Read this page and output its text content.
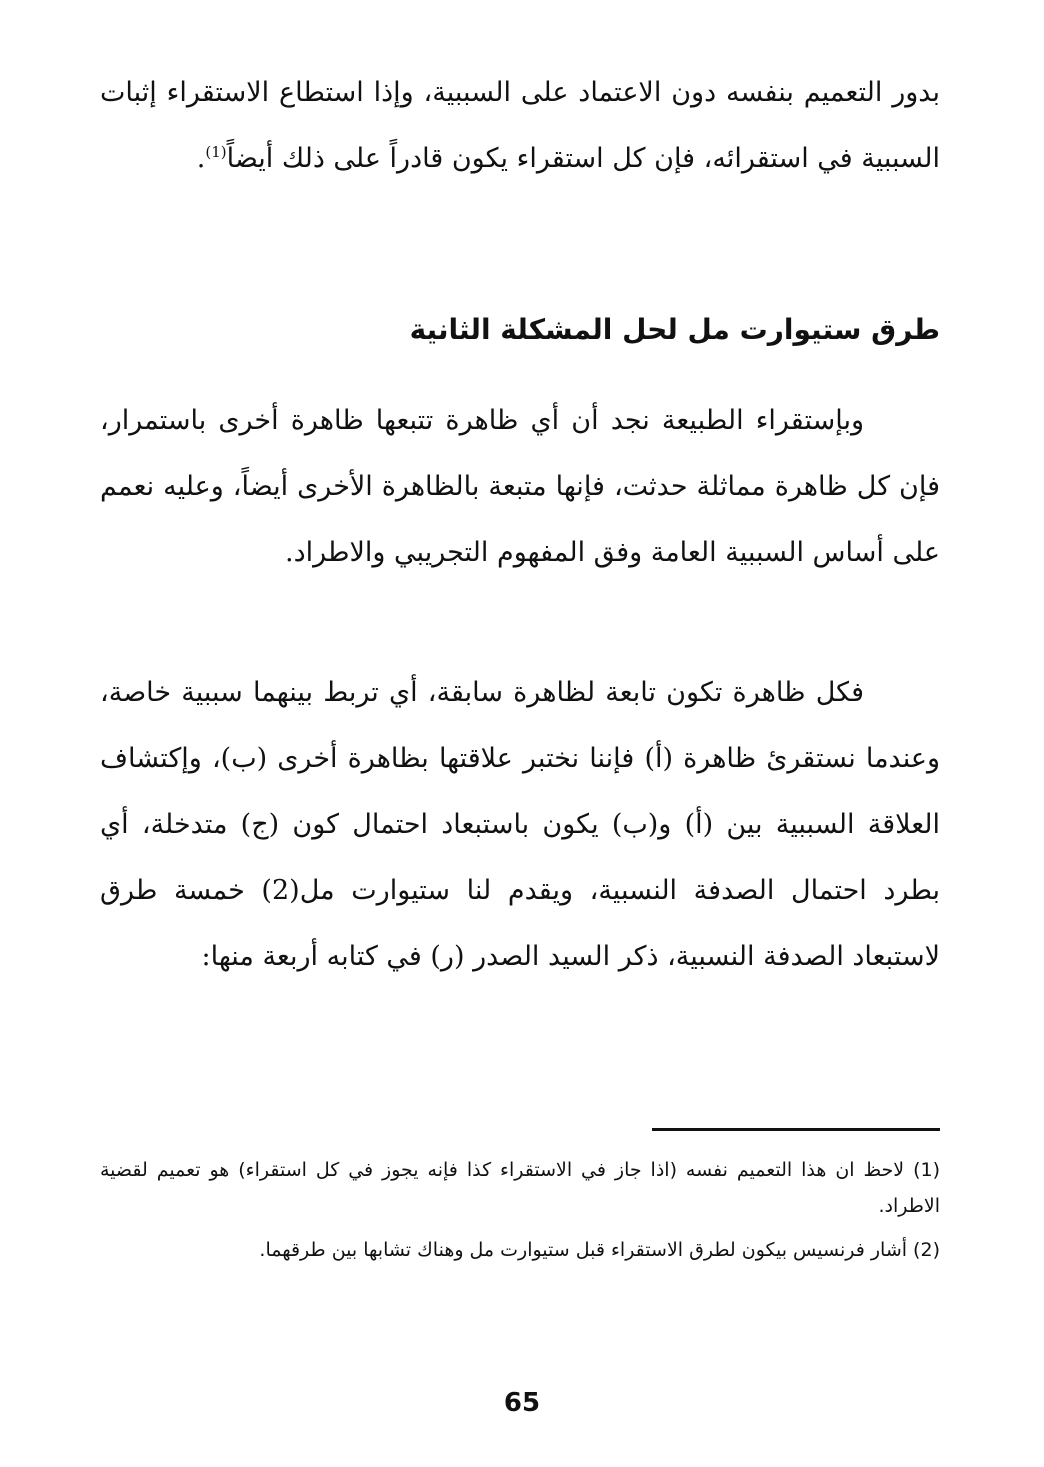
بدور التعميم بنفسه دون الاعتماد على السببية، وإذا استطاع الاستقراء إثبات السببية في استقرائه، فإن كل استقراء يكون قادراً على ذلك أيضاً$^{(1)}$.

طرق ستيوارت مل لحل المشكلة الثانية

وبإستقراء الطبيعة نجد أن أي ظاهرة تتبعها ظاهرة أخرى باستمرار، فإن كل ظاهرة مماثلة حدثت، فإنها متبعة بالظاهرة الأخرى أيضاً، وعليه نعمم على أساس السببية العامة وفق المفهوم التجريبي والاطراد.

فكل ظاهرة تكون تابعة لظاهرة سابقة، أي تربط بينهما سببية خاصة، وعندما نستقرئ ظاهرة (أ) فإننا نختبر علاقتها بظاهرة أخرى (ب)، وإكتشاف العلاقة السببية بين (أ) و(ب) يكون باستبعاد احتمال كون (ج) متدخلة، أي بطرد احتمال الصدفة النسبية، ويقدم لنا ستيوارت مل(2) خمسة طرق لاستبعاد الصدفة النسبية، ذكر السيد الصدر (ر) في كتابه أربعة منها:

(1) لاحظ ان هذا التعميم نفسه (اذا جاز في الاستقراء كذا فإنه يجوز في كل استقراء) هو تعميم لقضية الاطراد.

(2) أشار فرنسيس بيكون لطرق الاستقراء قبل ستيوارت مل وهناك تشابها بين طرقهما.

65
